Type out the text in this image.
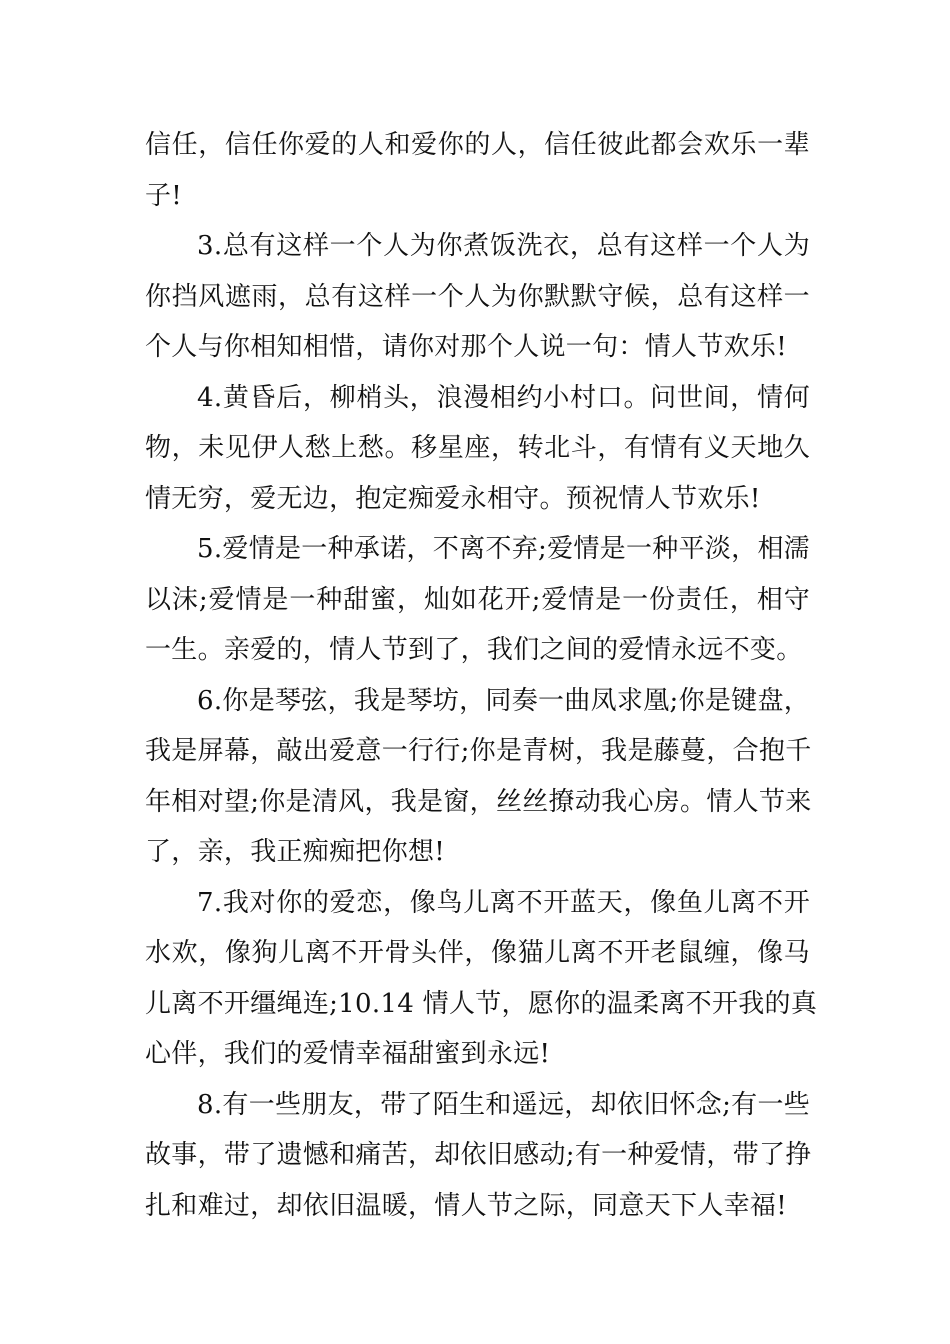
信任，信任你爱的人和爱你的人，信任彼此都会欢乐一辈
子!

3.总有这样一个人为你煮饭洗衣，总有这样一个人为
你挡风遮雨，总有这样一个人为你默默守候，总有这样一
个人与你相知相惜，请你对那个人说一句：情人节欢乐!

4.黄昏后，柳梢头，浪漫相约小村口。问世间，情何
物，未见伊人愁上愁。移星座，转北斗，有情有义天地久
情无穷，爱无边，抱定痴爱永相守。预祝情人节欢乐!

5.爱情是一种承诺，不离不弃;爱情是一种平淡，相濡
以沫;爱情是一种甜蜜，灿如花开;爱情是一份责任，相守
一生。亲爱的，情人节到了，我们之间的爱情永远不变。

6.你是琴弦，我是琴坊，同奏一曲凤求凰;你是键盘，
我是屏幕，敲出爱意一行行;你是青树，我是藤蔓，合抱千
年相对望;你是清风，我是窗，丝丝撩动我心房。情人节来
了，亲，我正痴痴把你想!

7.我对你的爱恋，像鸟儿离不开蓝天，像鱼儿离不开
水欢，像狗儿离不开骨头伴，像猫儿离不开老鼠缠，像马
儿离不开缰绳连;10.14 情人节，愿你的温柔离不开我的真
心伴，我们的爱情幸福甜蜜到永远!

8.有一些朋友，带了陌生和遥远，却依旧怀念;有一些
故事，带了遗憾和痛苦，却依旧感动;有一种爱情，带了挣
扎和难过，却依旧温暖，情人节之际，同意天下人幸福!
